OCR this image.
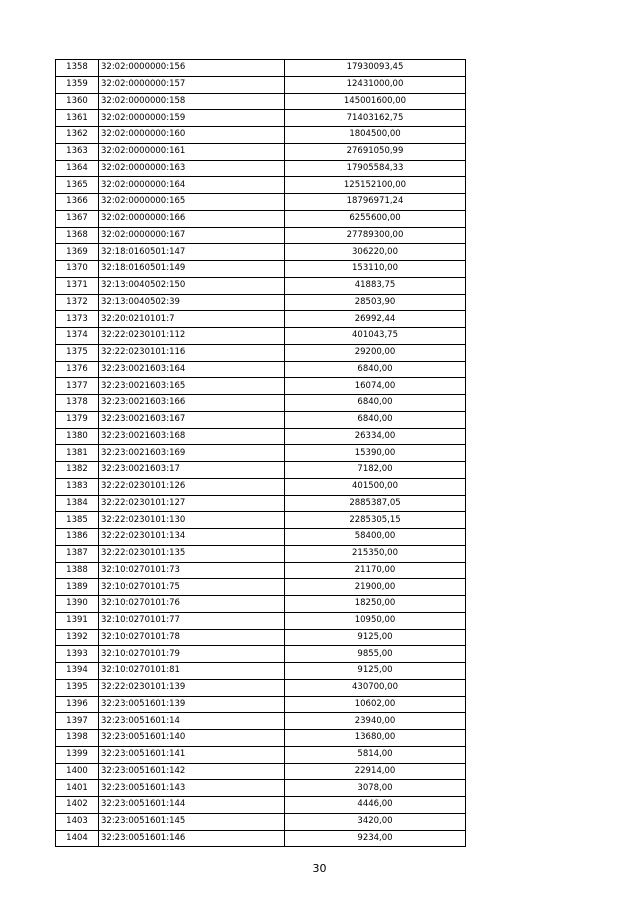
1358	32:02:0000000:156	17930093,45
1359	32:02:0000000:157	12431000,00
1360	32:02:0000000:158	145001600,00
1361	32:02:0000000:159	71403162,75
1362	32:02:0000000:160	1804500,00
1363	32:02:0000000:161	27691050,99
1364	32:02:0000000:163	17905584,33
1365	32:02:0000000:164	125152100,00
1366	32:02:0000000:165	18796971,24
1367	32:02:0000000:166	6255600,00
1368	32:02:0000000:167	27789300,00
1369	32:18:0160501:147	306220,00
1370	32:18:0160501:149	153110,00
1371	32:13:0040502:150	41883,75
1372	32:13:0040502:39	28503,90
1373	32:20:0210101:7	26992,44
1374	32:22:0230101:112	401043,75
1375	32:22:0230101:116	29200,00
1376	32:23:0021603:164	6840,00
1377	32:23:0021603:165	16074,00
1378	32:23:0021603:166	6840,00
1379	32:23:0021603:167	6840,00
1380	32:23:0021603:168	26334,00
1381	32:23:0021603:169	15390,00
1382	32:23:0021603:17	7182,00
1383	32:22:0230101:126	401500,00
1384	32:22:0230101:127	2885387,05
1385	32:22:0230101:130	2285305,15
1386	32:22:0230101:134	58400,00
1387	32:22:0230101:135	215350,00
1388	32:10:0270101:73	21170,00
1389	32:10:0270101:75	21900,00
1390	32:10:0270101:76	18250,00
1391	32:10:0270101:77	10950,00
1392	32:10:0270101:78	9125,00
1393	32:10:0270101:79	9855,00
1394	32:10:0270101:81	9125,00
1395	32:22:0230101:139	430700,00
1396	32:23:0051601:139	10602,00
1397	32:23:0051601:14	23940,00
1398	32:23:0051601:140	13680,00
1399	32:23:0051601:141	5814,00
1400	32:23:0051601:142	22914,00
1401	32:23:0051601:143	3078,00
1402	32:23:0051601:144	4446,00
1403	32:23:0051601:145	3420,00
1404	32:23:0051601:146	9234,00
30
